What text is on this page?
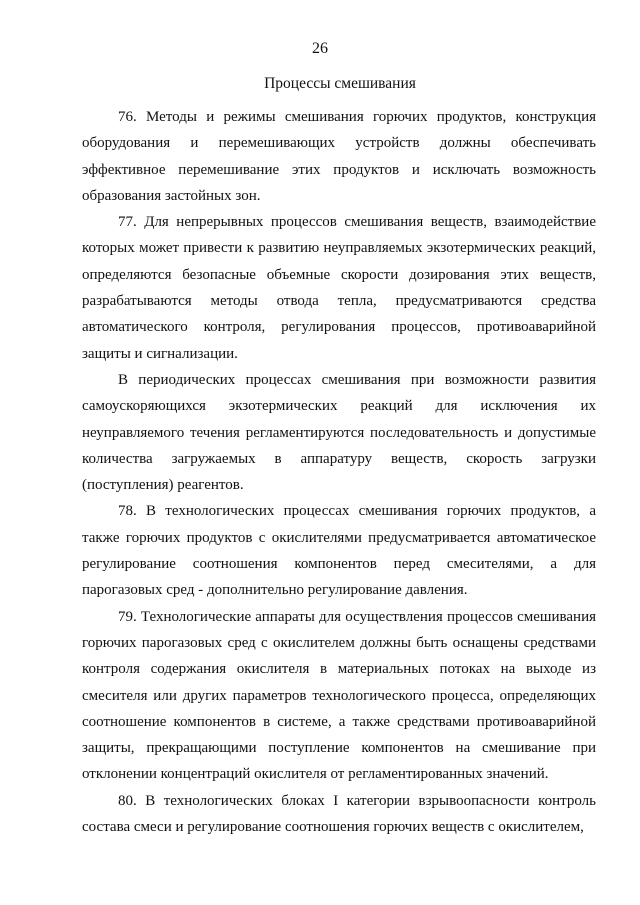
26
Процессы смешивания

76. Методы и режимы смешивания горючих продуктов, конструкция оборудования и перемешивающих устройств должны обеспечивать эффективное перемешивание этих продуктов и исключать возможность образования застойных зон.

77. Для непрерывных процессов смешивания веществ, взаимодействие которых может привести к развитию неуправляемых экзотермических реакций, определяются безопасные объемные скорости дозирования этих веществ, разрабатываются методы отвода тепла, предусматриваются средства автоматического контроля, регулирования процессов, противоаварийной защиты и сигнализации.

В периодических процессах смешивания при возможности развития самоускоряющихся экзотермических реакций для исключения их неуправляемого течения регламентируются последовательность и допустимые количества загружаемых в аппаратуру веществ, скорость загрузки (поступления) реагентов.

78. В технологических процессах смешивания горючих продуктов, а также горючих продуктов с окислителями предусматривается автоматическое регулирование соотношения компонентов перед смесителями, а для парогазовых сред - дополнительно регулирование давления.

79. Технологические аппараты для осуществления процессов смешивания горючих парогазовых сред с окислителем должны быть оснащены средствами контроля содержания окислителя в материальных потоках на выходе из смесителя или других параметров технологического процесса, определяющих соотношение компонентов в системе, а также средствами противоаварийной защиты, прекращающими поступление компонентов на смешивание при отклонении концентраций окислителя от регламентированных значений.

80. В технологических блоках I категории взрывоопасности контроль состава смеси и регулирование соотношения горючих веществ с окислителем,
